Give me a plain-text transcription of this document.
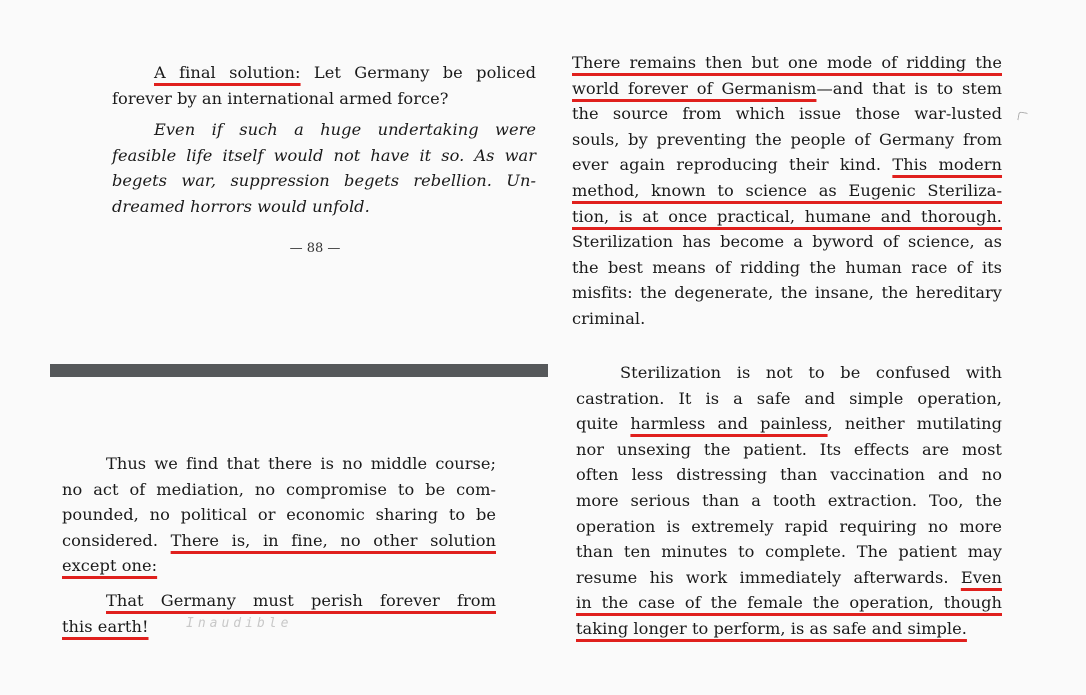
A final solution: Let Germany be policed
forever by an international armed force?
Even if such a huge undertaking were
feasible life itself would not have it so. As war
begets war, suppression begets rebellion. Un-
dreamed horrors would unfold.
— 88 —
Thus we find that there is no middle course;
no act of mediation, no compromise to be com-
pounded, no political or economic sharing to be
considered. There is, in fine, no other solution
except one:
That Germany must perish forever from
this earth!	Inaudible
There remains then but one mode of ridding the
world forever of Germanism—and that is to stem
the source from which issue those war-lusted
souls, by preventing the people of Germany from
ever again reproducing their kind. This modern
method, known to science as Eugenic Steriliza-
tion, is at once practical, humane and thorough.
Sterilization has become a byword of science, as
the best means of ridding the human race of its
misfits: the degenerate, the insane, the hereditary
criminal.
Sterilization is not to be confused with
castration. It is a safe and simple operation,
quite harmless and painless, neither mutilating
nor unsexing the patient. Its effects are most
often less distressing than vaccination and no
more serious than a tooth extraction. Too, the
operation is extremely rapid requiring no more
than ten minutes to complete. The patient may
resume his work immediately afterwards. Even
in the case of the female the operation, though
taking longer to perform, is as safe and simple.
